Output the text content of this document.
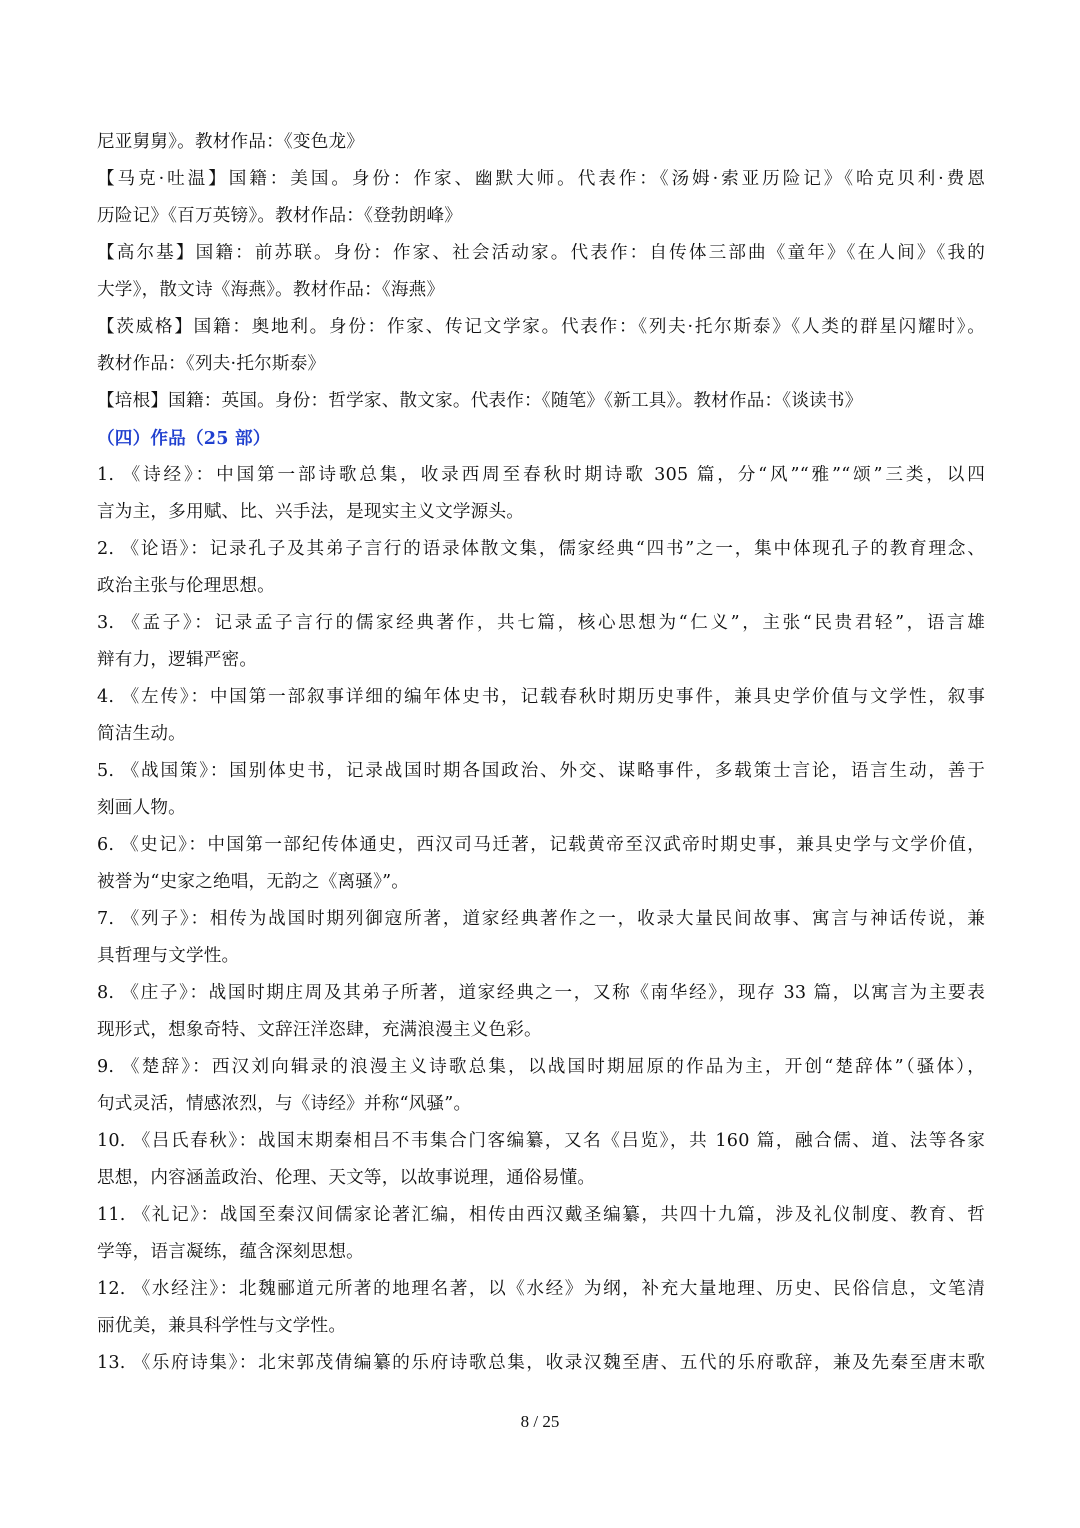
尼亚舅舅》。教材作品：《变色龙》
【马克·吐温】国籍：美国。身份：作家、幽默大师。代表作：《汤姆·索亚历险记》《哈克贝利·费恩
历险记》《百万英镑》。教材作品：《登勃朗峰》
【高尔基】国籍：前苏联。身份：作家、社会活动家。代表作：自传体三部曲《童年》《在人间》《我的
大学》，散文诗《海燕》。教材作品：《海燕》
【茨威格】国籍：奥地利。身份：作家、传记文学家。代表作：《列夫·托尔斯泰》《人类的群星闪耀时》。
教材作品：《列夫·托尔斯泰》
【培根】国籍：英国。身份：哲学家、散文家。代表作：《随笔》《新工具》。教材作品：《谈读书》
（四）作品（25 部）
1. 《诗经》：中国第一部诗歌总集，收录西周至春秋时期诗歌 305 篇，分“风”“雅”“颂”三类，以四
言为主，多用赋、比、兴手法，是现实主义文学源头。
2. 《论语》：记录孔子及其弟子言行的语录体散文集，儒家经典“四书”之一，集中体现孔子的教育理念、
政治主张与伦理思想。
3. 《孟子》：记录孟子言行的儒家经典著作，共七篇，核心思想为“仁义”，主张“民贵君轻”，语言雄
辩有力，逻辑严密。
4. 《左传》：中国第一部叙事详细的编年体史书，记载春秋时期历史事件，兼具史学价值与文学性，叙事
简洁生动。
5. 《战国策》：国别体史书，记录战国时期各国政治、外交、谋略事件，多载策士言论，语言生动，善于
刻画人物。
6. 《史记》：中国第一部纪传体通史，西汉司马迁著，记载黄帝至汉武帝时期史事，兼具史学与文学价值，
被誉为“史家之绝唱，无韵之《离骚》”。
7. 《列子》：相传为战国时期列御寇所著，道家经典著作之一，收录大量民间故事、寓言与神话传说，兼
具哲理与文学性。
8. 《庄子》：战国时期庄周及其弟子所著，道家经典之一，又称《南华经》，现存 33 篇，以寓言为主要表
现形式，想象奇特、文辞汪洋恣肆，充满浪漫主义色彩。
9. 《楚辞》：西汉刘向辑录的浪漫主义诗歌总集，以战国时期屈原的作品为主，开创“楚辞体”（骚体），
句式灵活，情感浓烈，与《诗经》并称“风骚”。
10. 《吕氏春秋》：战国末期秦相吕不韦集合门客编纂，又名《吕览》，共 160 篇，融合儒、道、法等各家
思想，内容涵盖政治、伦理、天文等，以故事说理，通俗易懂。
11. 《礼记》：战国至秦汉间儒家论著汇编，相传由西汉戴圣编纂，共四十九篇，涉及礼仪制度、教育、哲
学等，语言凝练，蕴含深刻思想。
12. 《水经注》：北魏郦道元所著的地理名著，以《水经》为纲，补充大量地理、历史、民俗信息，文笔清
丽优美，兼具科学性与文学性。
13. 《乐府诗集》：北宋郭茂倩编纂的乐府诗歌总集，收录汉魏至唐、五代的乐府歌辞，兼及先秦至唐末歌
8 / 25
